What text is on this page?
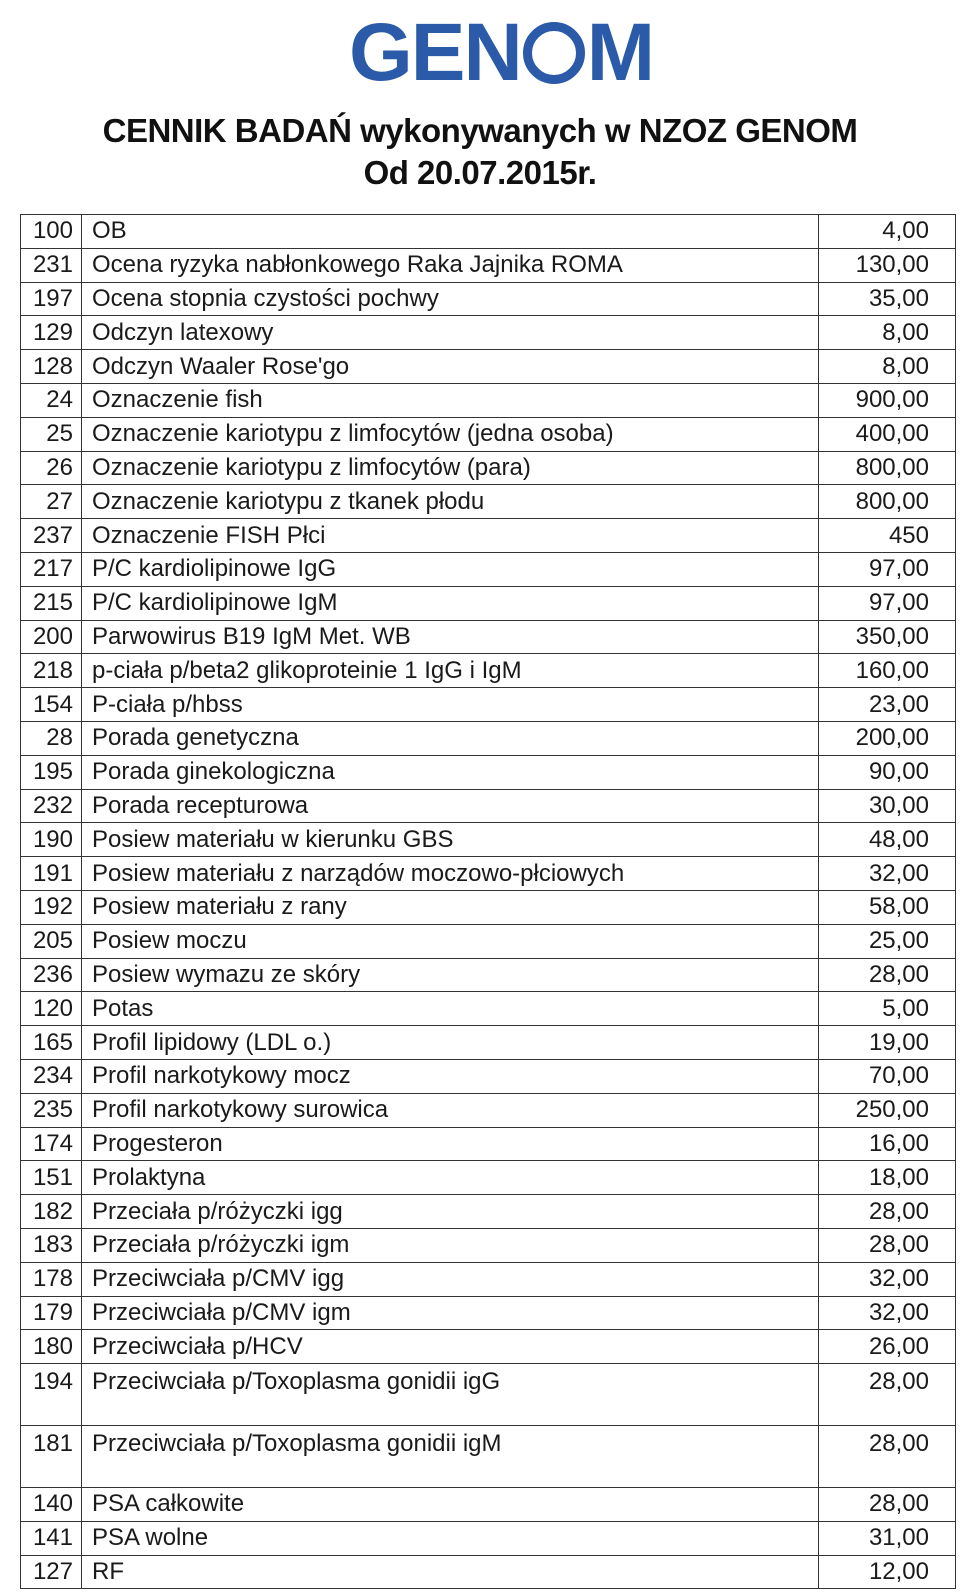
GEN M
CENNIK BADAŃ wykonywanych w NZOZ GENOM
Od 20.07.2015r.
100	OB	4,00
231	Ocena ryzyka nabłonkowego Raka Jajnika ROMA	130,00
197	Ocena stopnia czystości pochwy	35,00
129	Odczyn latexowy	8,00
128	Odczyn Waaler Rose'go	8,00
24	Oznaczenie fish	900,00
25	Oznaczenie kariotypu z limfocytów (jedna osoba)	400,00
26	Oznaczenie kariotypu z limfocytów (para)	800,00
27	Oznaczenie kariotypu z tkanek płodu	800,00
237	Oznaczenie FISH Płci	450
217	P/C kardiolipinowe IgG	97,00
215	P/C kardiolipinowe IgM	97,00
200	Parwowirus B19 IgM Met. WB	350,00
218	p-ciała p/beta2 glikoproteinie 1 IgG i IgM	160,00
154	P-ciała p/hbss	23,00
28	Porada genetyczna	200,00
195	Porada ginekologiczna	90,00
232	Porada recepturowa	30,00
190	Posiew materiału w kierunku GBS	48,00
191	Posiew materiału z narządów moczowo-płciowych	32,00
192	Posiew materiału z rany	58,00
205	Posiew moczu	25,00
236	Posiew wymazu ze skóry	28,00
120	Potas	5,00
165	Profil lipidowy (LDL o.)	19,00
234	Profil narkotykowy mocz	70,00
235	Profil narkotykowy surowica	250,00
174	Progesteron	16,00
151	Prolaktyna	18,00
182	Przeciała p/różyczki igg	28,00
183	Przeciała p/różyczki igm	28,00
178	Przeciwciała p/CMV igg	32,00
179	Przeciwciała p/CMV igm	32,00
180	Przeciwciała p/HCV	26,00
194	Przeciwciała p/Toxoplasma gonidii igG	28,00
181	Przeciwciała p/Toxoplasma gonidii igM	28,00
140	PSA całkowite	28,00
141	PSA wolne	31,00
127	RF	12,00
